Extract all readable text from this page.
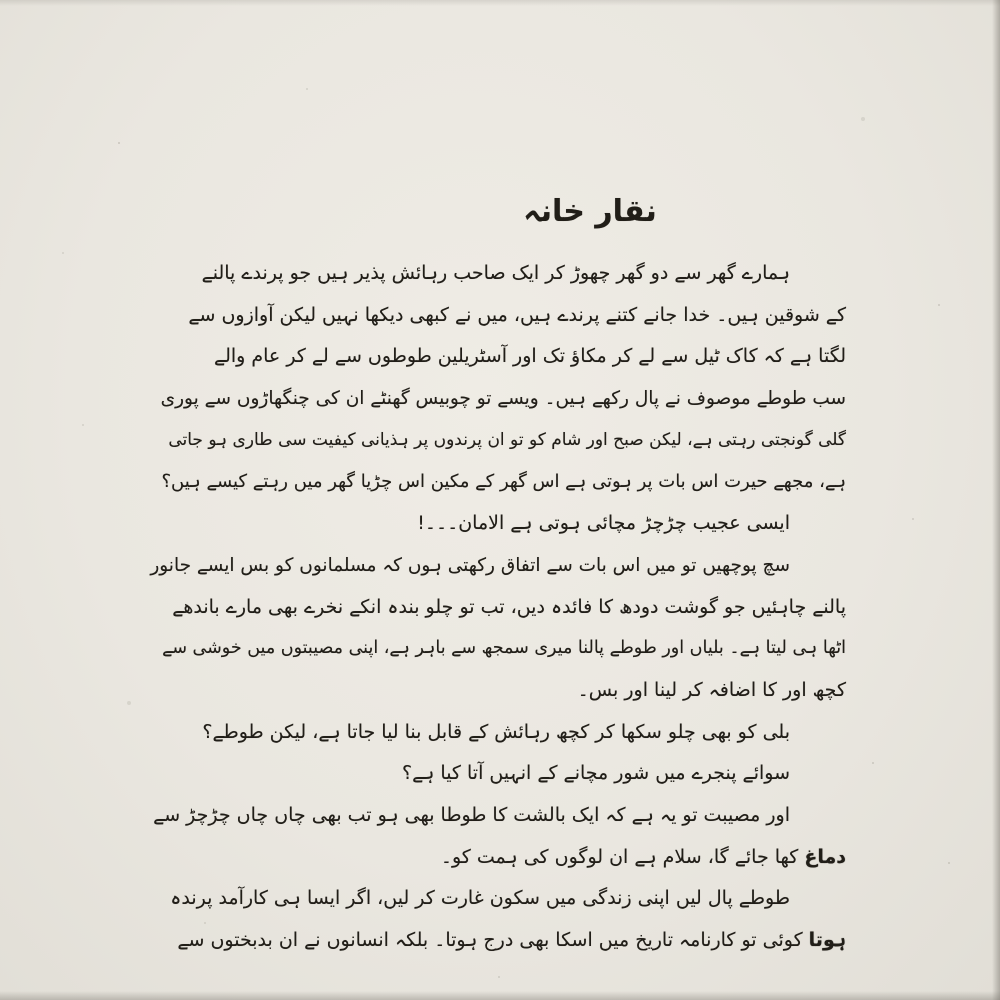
نقار خانہ
ہمارے گھر سے دو گھر چھوڑ کر ایک صاحب رہائش پذیر ہیں جو پرندے پالنے
کے شوقین ہیں۔ خدا جانے کتنے پرندے ہیں، میں نے کبھی دیکھا نہیں لیکن آوازوں سے
لگتا ہے کہ کاک ٹیل سے لے کر مکاؤ تک اور آسٹریلین طوطوں سے لے کر عام والے
سب طوطے موصوف نے پال رکھے ہیں۔ ویسے تو چوبیس گھنٹے ان کی چنگھاڑوں سے پوری
گلی گونجتی رہتی ہے، لیکن صبح اور شام کو تو ان پرندوں پر ہذیانی کیفیت سی طاری ہو جاتی
ہے، مجھے حیرت اس بات پر ہوتی ہے اس گھر کے مکین اس چڑیا گھر میں رہتے کیسے ہیں؟
ایسی عجیب چڑچڑ مچائی ہوتی ہے الامان۔۔۔!
سچ پوچھیں تو میں اس بات سے اتفاق رکھتی ہوں کہ مسلمانوں کو بس ایسے جانور
پالنے چاہئیں جو گوشت دودھ کا فائدہ دیں، تب تو چلو بندہ انکے نخرے بھی مارے باندھے
اٹھا ہی لیتا ہے۔ بلیاں اور طوطے پالنا میری سمجھ سے باہر ہے، اپنی مصیبتوں میں خوشی سے
کچھ اور کا اضافہ کر لینا اور بس۔
بلی کو بھی چلو سکھا کر کچھ رہائش کے قابل بنا لیا جاتا ہے، لیکن طوطے؟
سوائے پنجرے میں شور مچانے کے انہیں آتا کیا ہے؟
اور مصیبت تو یہ ہے کہ ایک بالشت کا طوطا بھی ہو تب بھی چاں چاں چڑچڑ سے
دماغ کھا جائے گا، سلام ہے ان لوگوں کی ہمت کو۔
طوطے پال لیں اپنی زندگی میں سکون غارت کر لیں، اگر ایسا ہی کارآمد پرندہ
ہوتا کوئی تو کارنامہ تاریخ میں اسکا بھی درج ہوتا۔ بلکہ انسانوں نے ان بدبختوں سے
